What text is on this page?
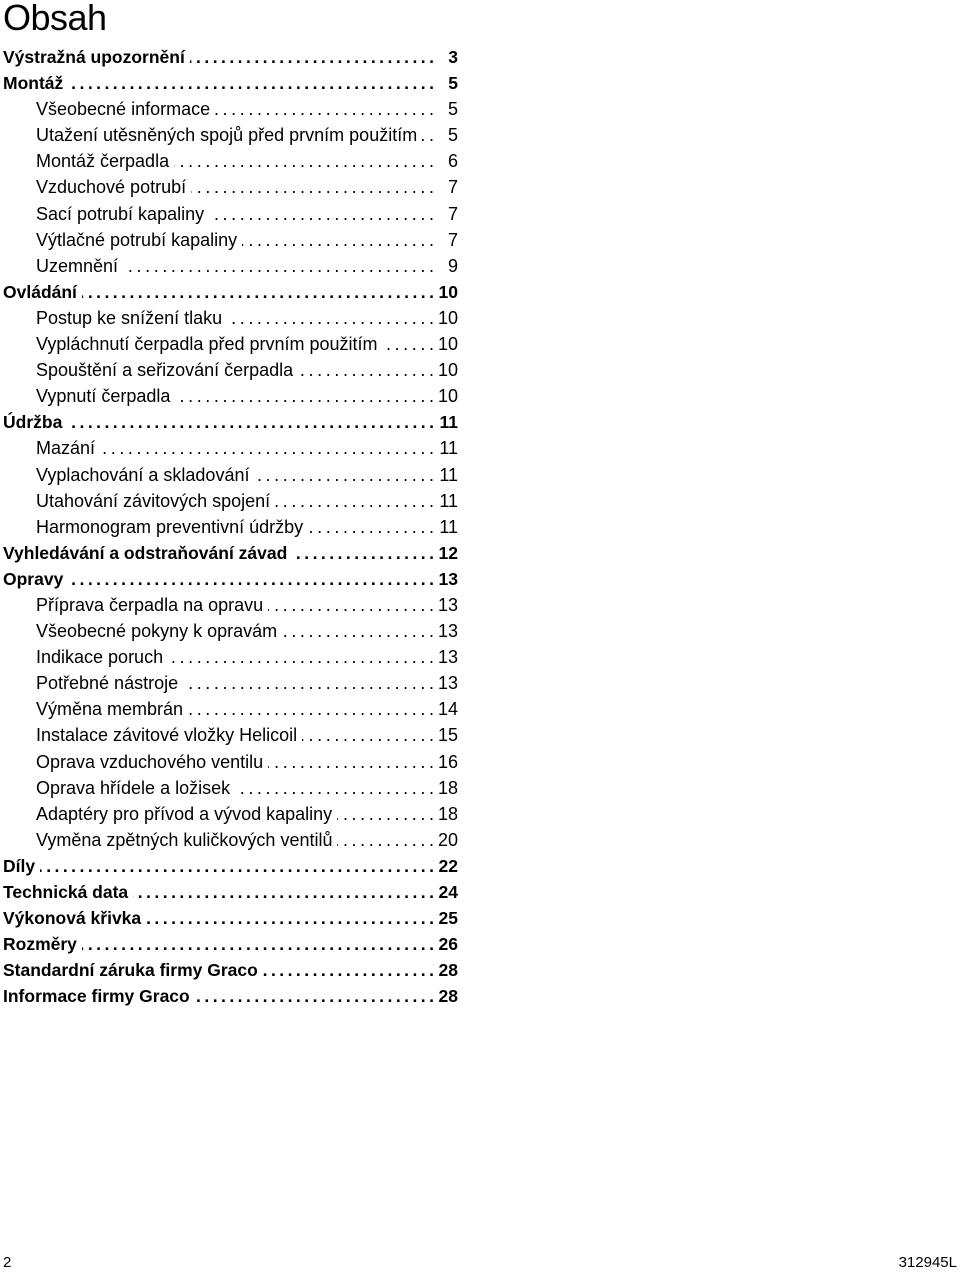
Obsah
Výstražná upozornění . . .	3
Montáž . . .	5
Všeobecné informace . . .	5
Utažení utěsněných spojů před prvním použitím . . .	5
Montáž čerpadla . . .	6
Vzduchové potrubí . . .	7
Sací potrubí kapaliny . . .	7
Výtlačné potrubí kapaliny . . .	7
Uzemnění . . .	9
Ovládání . . .	10
Postup ke snížení tlaku . . .	10
Vypláchnutí čerpadla před prvním použitím . . .	10
Spouštění a seřizování čerpadla . . .	10
Vypnutí čerpadla . . .	10
Údržba . . .	11
Mazání . . .	11
Vyplachování a skladování . . .	11
Utahování závitových spojení . . .	11
Harmonogram preventivní údržby . . .	11
Vyhledávání a odstraňování závad . . .	12
Opravy . . .	13
Příprava čerpadla na opravu . . .	13
Všeobecné pokyny k opravám . . .	13
Indikace poruch . . .	13
Potřebné nástroje . . .	13
Výměna membrán . . .	14
Instalace závitové vložky Helicoil . . .	15
Oprava vzduchového ventilu . . .	16
Oprava hřídele a ložisek . . .	18
Adaptéry pro přívod a vývod kapaliny . . .	18
Vyměna zpětných kuličkových ventilů . . .	20
Díly . . .	22
Technická data . . .	24
Výkonová křivka . . .	25
Rozměry . . .	26
Standardní záruka firmy Graco . . .	28
Informace firmy Graco . . .	28
2	312945L
